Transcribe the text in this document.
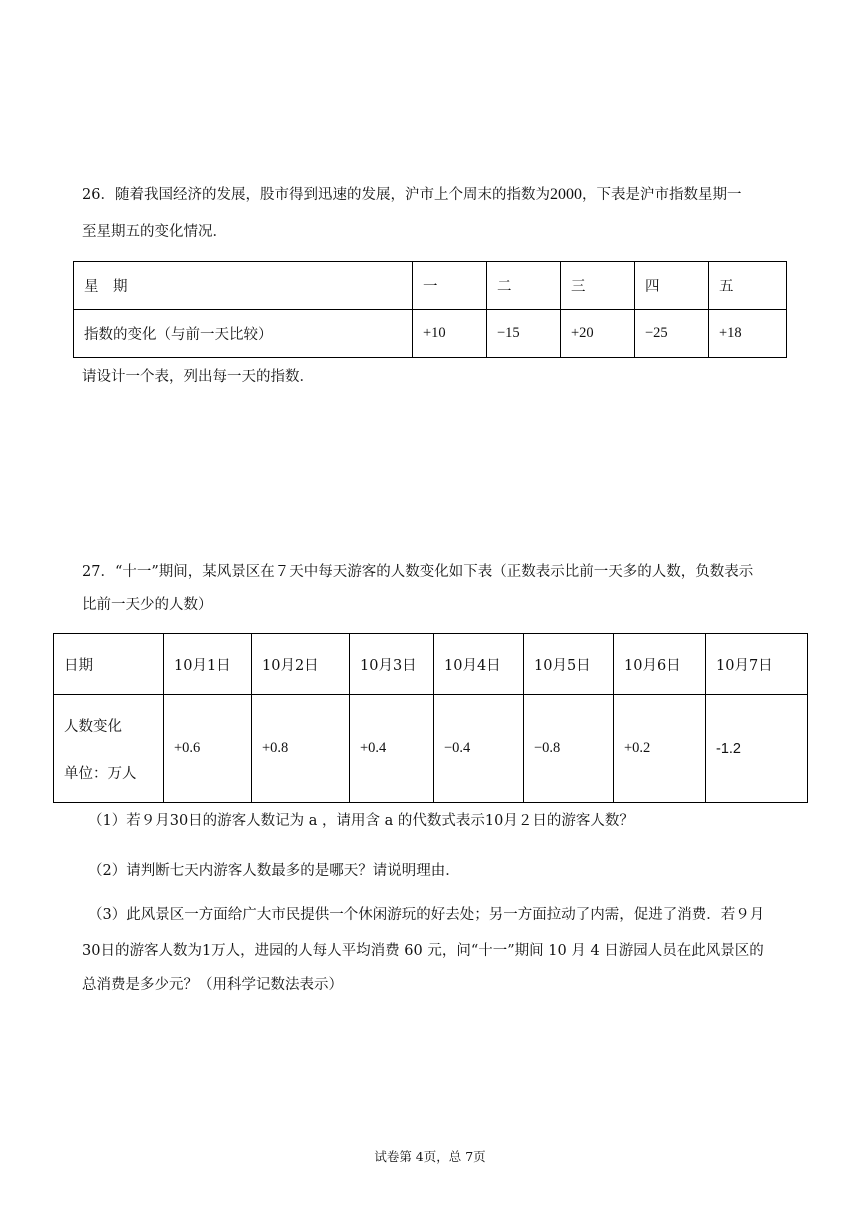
26．随着我国经济的发展，股市得到迅速的发展，沪市上个周末的指数为2000，下表是沪市指数星期一
至星期五的变化情况．
星　期	一	二	三	四	五
指数的变化（与前一天比较）	+10	−15	+20	−25	+18
请设计一个表，列出每一天的指数．
27．“十一”期间，某风景区在７天中每天游客的人数变化如下表（正数表示比前一天多的人数，负数表示
比前一天少的人数）
日期	10月1日	10月2日	10月3日	10月4日	10月5日	10月6日	10月7日

人数变化
单位：万人	+0.6	+0.8	+0.4	−0.4	−0.8	+0.2	-1.2
（1）若９月30日的游客人数记为 a ，请用含 a 的代数式表示10月２日的游客人数？
（2）请判断七天内游客人数最多的是哪天？请说明理由．
（3）此风景区一方面给广大市民提供一个休闲游玩的好去处；另一方面拉动了内需，促进了消费．若９月
30日的游客人数为1万人，进园的人每人平均消费 60 元，问“十一”期间 10 月 4 日游园人员在此风景区的
总消费是多少元？（用科学记数法表示）
试卷第 4页，总 7页
